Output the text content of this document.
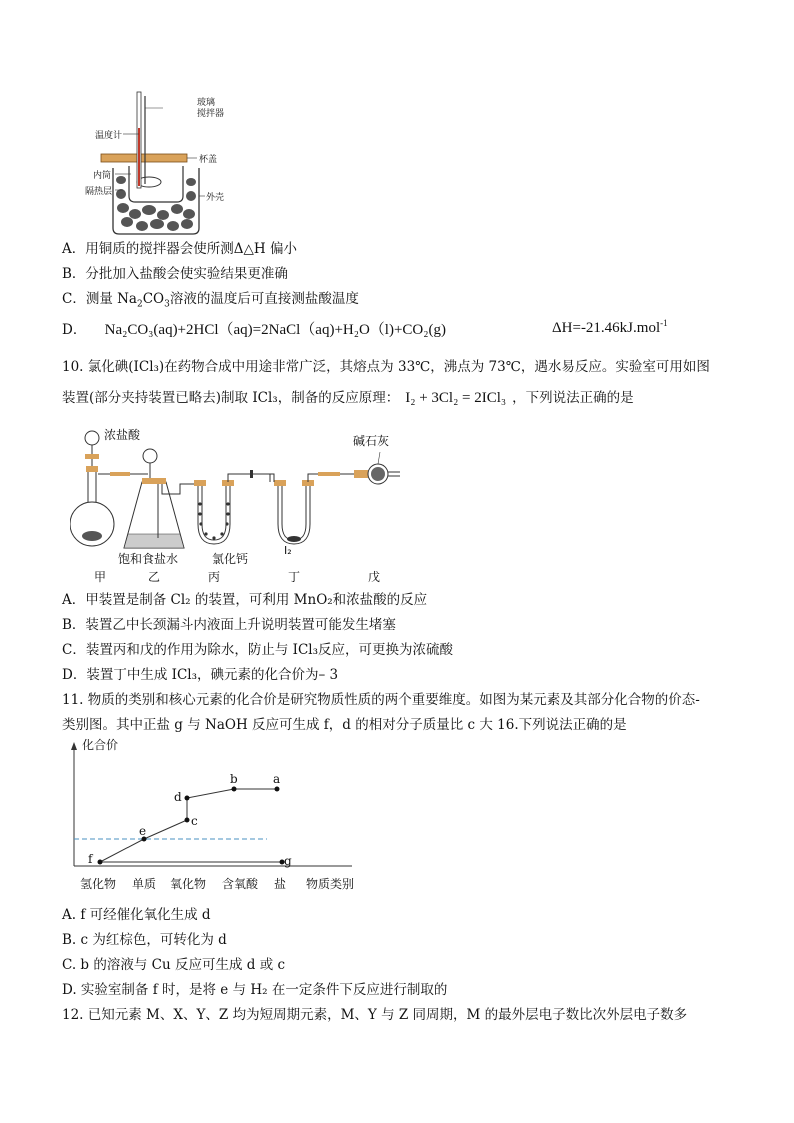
玻璃
搅拌器
温度计
杯盖
内筒
隔热层
外壳
A．用铜质的搅拌器会使所测Δ△H 偏小
B．分批加入盐酸会使实验结果更准确
C．测量 $Na_2CO_3$溶液的温度后可直接测盐酸温度
D． Na₂CO₃(aq)+2HCl（aq)=2NaCl（aq)+H₂O（l)+CO₂(g)	ΔH=-21.46kJ.mol$^{-1}$
10. 氯化碘(ICl₃)在药物合成中用途非常广泛，其熔点为 33℃，沸点为 73℃，遇水易反应。实验室可用如图
装置(部分夹持装置已略去)制取 ICl₃，制备的反应原理： I₂ + 3Cl₂ = 2ICl₃ ，下列说法正确的是
浓盐酸	碱石灰
饱和食盐水	氯化钙
I₂
甲	乙	丙	丁	戊
A．甲装置是制备 Cl₂ 的装置，可利用 MnO₂和浓盐酸的反应
B．装置乙中长颈漏斗内液面上升说明装置可能发生堵塞
C．装置丙和戊的作用为除水，防止与 ICl₃反应，可更换为浓硫酸
D．装置丁中生成 ICl₃，碘元素的化合价为– 3
11. 物质的类别和核心元素的化合价是研究物质性质的两个重要维度。如图为某元素及其部分化合物的价态-
类别图。其中正盐 g 与 NaOH 反应可生成 f，d 的相对分子质量比 c 大 16.下列说法正确的是
化合价
a
b
c
d
e
f	g
氢化物 单质 氧化物 含氧酸 盐 物质类别
A. f 可经催化氧化生成 d
B. c 为红棕色，可转化为 d
C. b 的溶液与 Cu 反应可生成 d 或 c
D. 实验室制备 f 时，是将 e 与 H₂ 在一定条件下反应进行制取的
12. 已知元素 M、X、Y、Z 均为短周期元素，M、Y 与 Z 同周期，M 的最外层电子数比次外层电子数多
